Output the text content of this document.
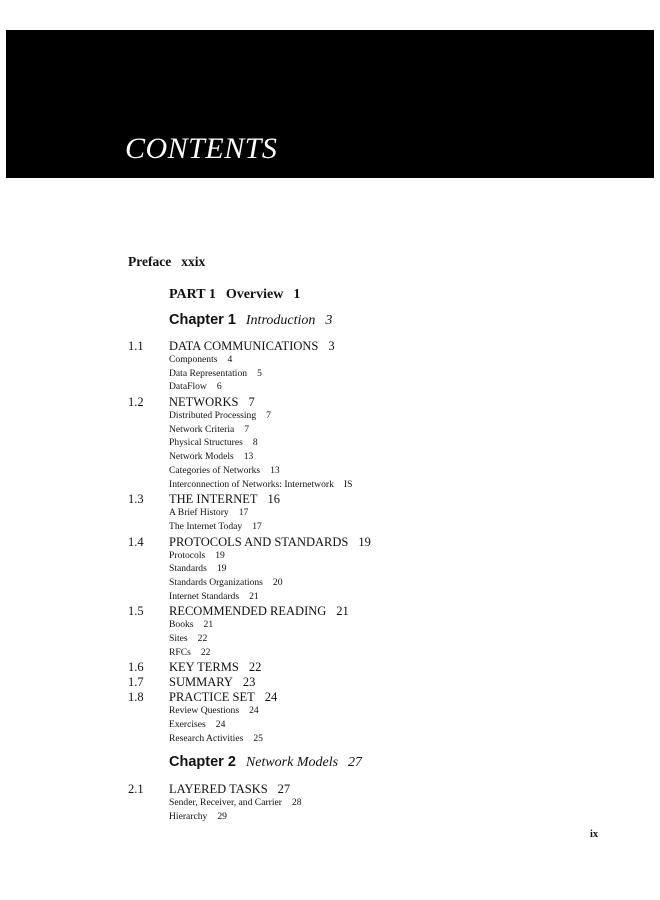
CONTENTS
Preface xxix
PART 1 Overview 1
Chapter 1 Introduction 3
1.1 DATA COMMUNICATIONS 3
Components 4
Data Representation 5
DataFlow 6
1.2 NETWORKS 7
Distributed Processing 7
Network Criteria 7
Physical Structures 8
Network Models 13
Categories of Networks 13
Interconnection of Networks: Internetwork IS
1.3 THE INTERNET 16
A Brief History 17
The Internet Today 17
1.4 PROTOCOLS AND STANDARDS 19
Protocols 19
Standards 19
Standards Organizations 20
Internet Standards 21
1.5 RECOMMENDED READING 21
Books 21
Sites 22
RFCs 22
1.6 KEY TERMS 22
1.7 SUMMARY 23
1.8 PRACTICE SET 24
Review Questions 24
Exercises 24
Research Activities 25
Chapter 2 Network Models 27
2.1 LAYERED TASKS 27
Sender, Receiver, and Carrier 28
Hierarchy 29
ix
